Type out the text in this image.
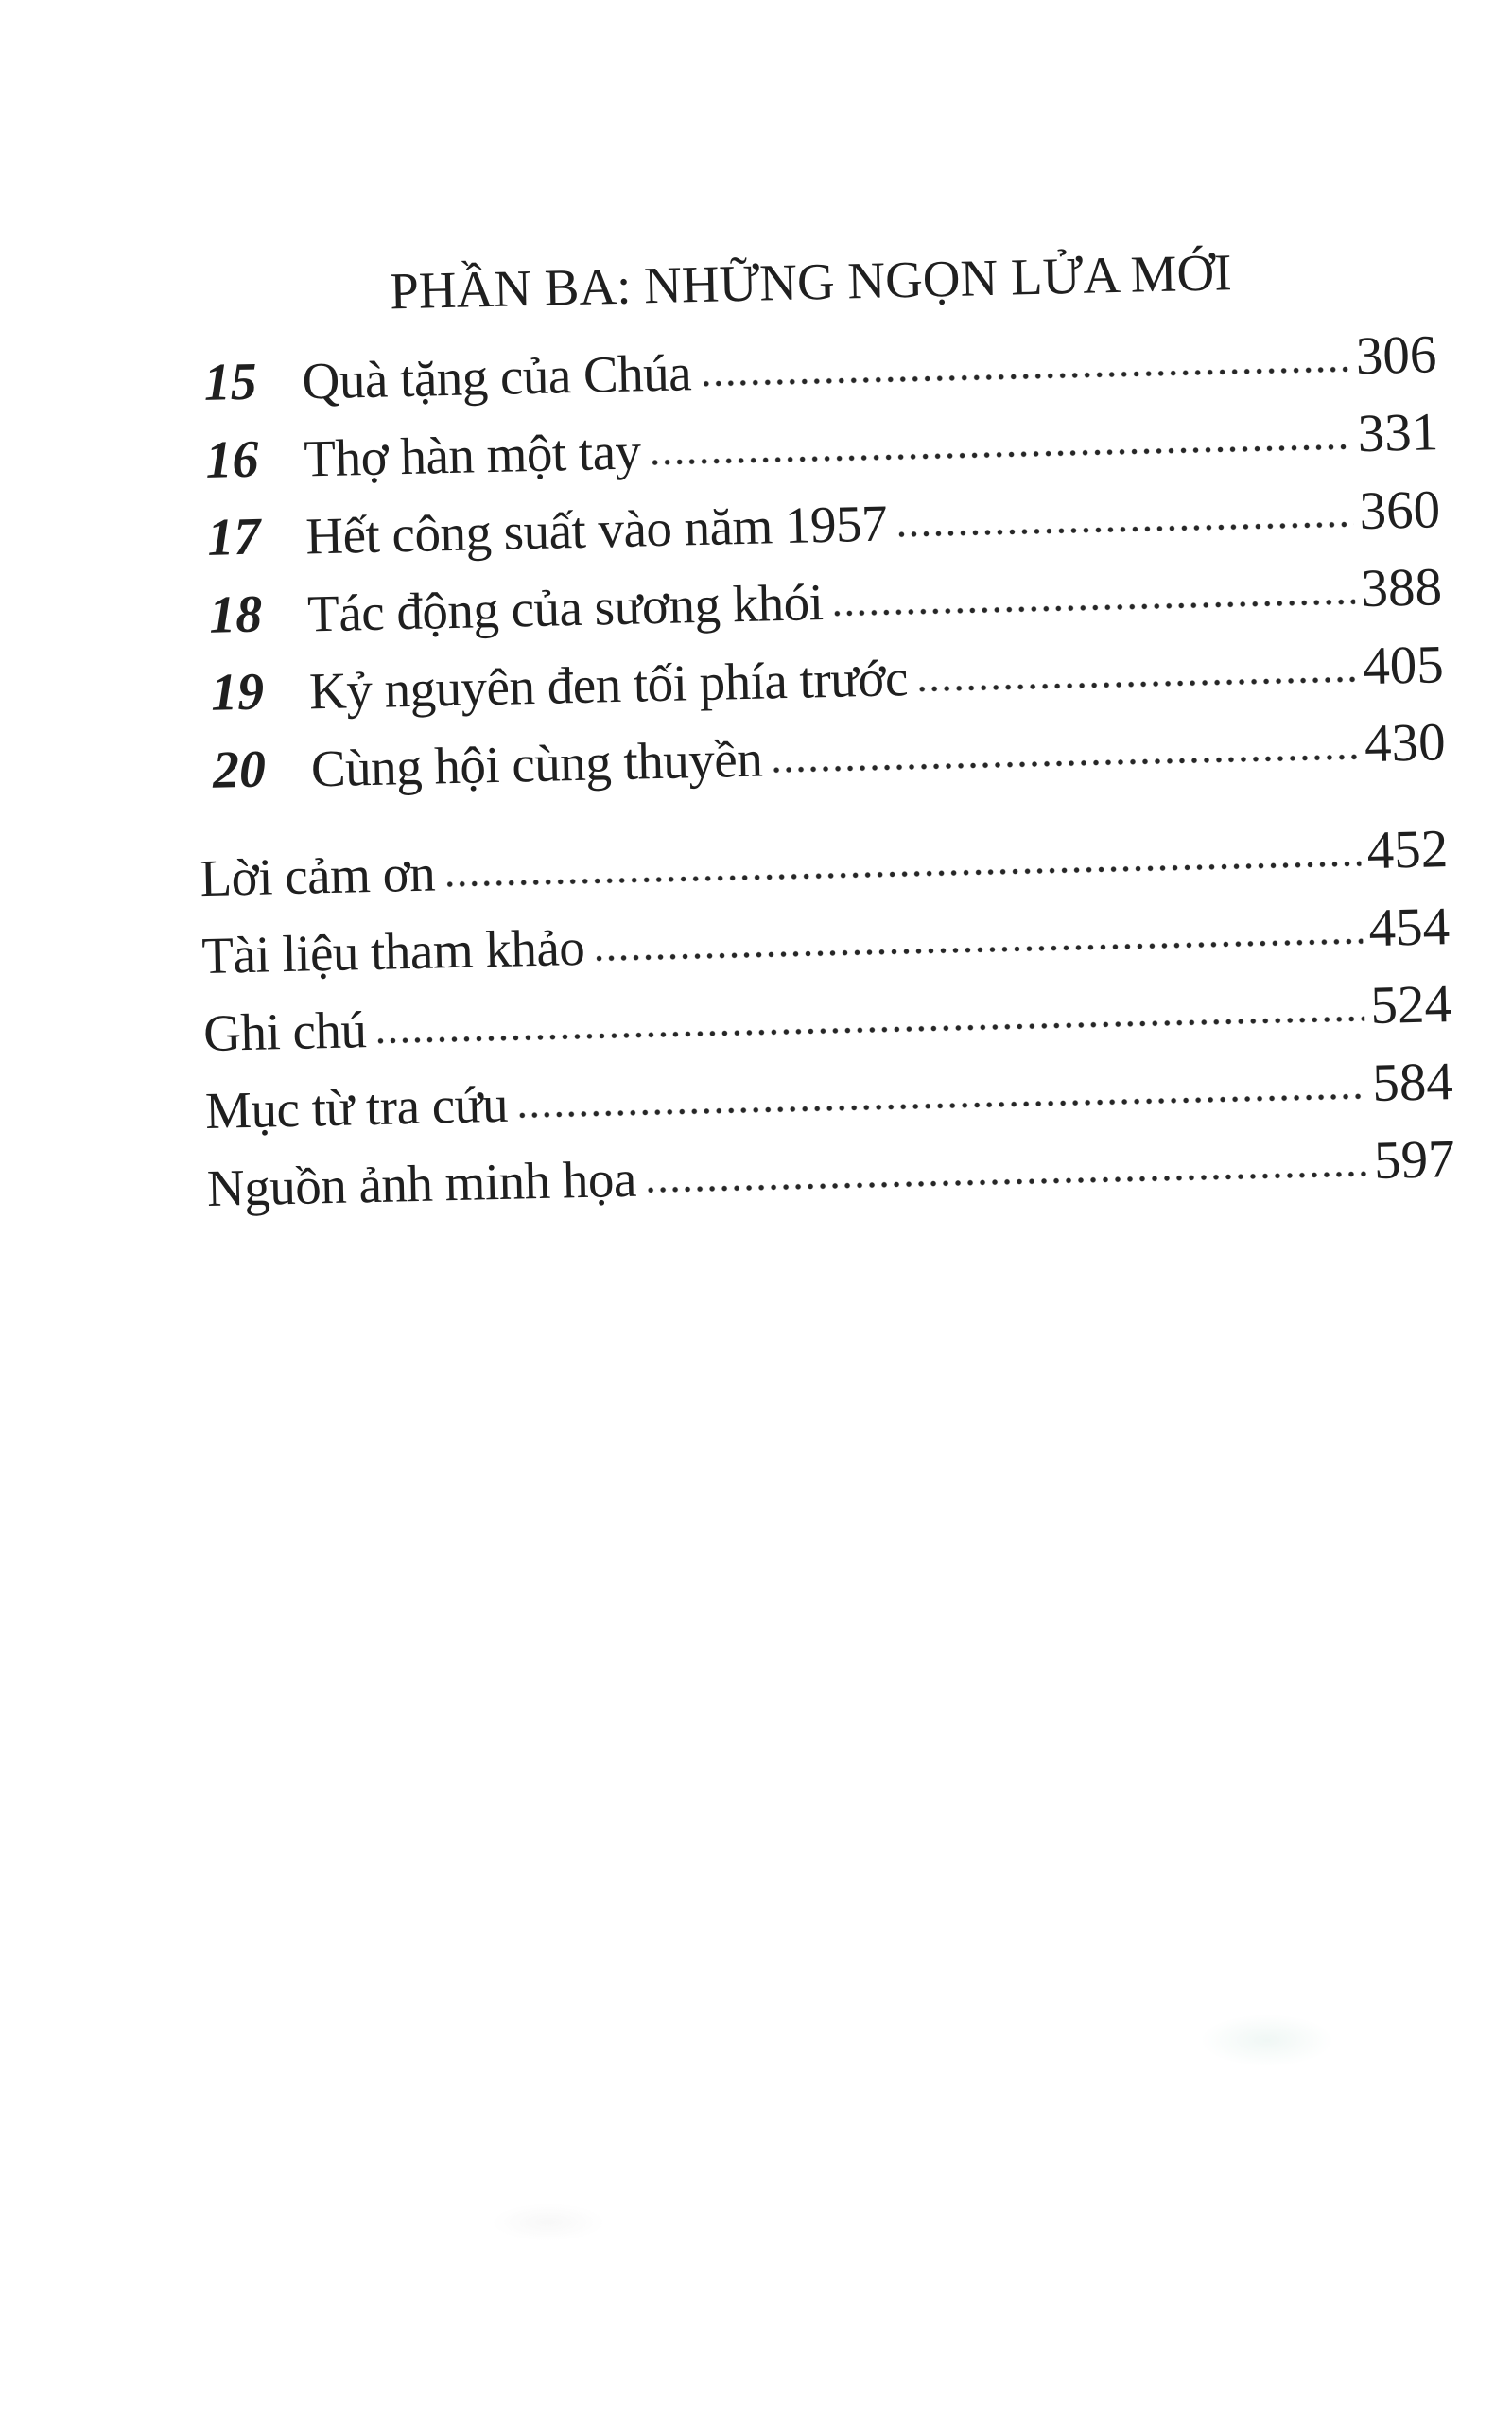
PHẦN BA: NHỮNG NGỌN LỬA MỚI
15 Quà tặng của Chúa	306
16 Thợ hàn một tay	331
17 Hết công suất vào năm 1957	360
18 Tác động của sương khói	388
19 Kỷ nguyên đen tối phía trước	405
20 Cùng hội cùng thuyền	430
Lời cảm ơn	452
Tài liệu tham khảo	454
Ghi chú	524
Mục từ tra cứu	584
Nguồn ảnh minh họa	597
